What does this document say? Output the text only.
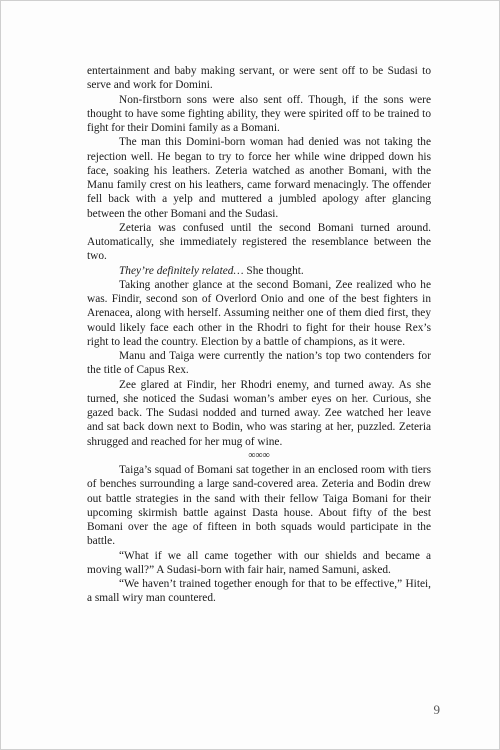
entertainment and baby making servant, or were sent off to be Sudasi to serve and work for Domini.

Non-firstborn sons were also sent off. Though, if the sons were thought to have some fighting ability, they were spirited off to be trained to fight for their Domini family as a Bomani.

The man this Domini-born woman had denied was not taking the rejection well. He began to try to force her while wine dripped down his face, soaking his leathers. Zeteria watched as another Bomani, with the Manu family crest on his leathers, came forward menacingly. The offender fell back with a yelp and muttered a jumbled apology after glancing between the other Bomani and the Sudasi.

Zeteria was confused until the second Bomani turned around. Automatically, she immediately registered the resemblance between the two.

They’re definitely related… She thought.

Taking another glance at the second Bomani, Zee realized who he was. Findir, second son of Overlord Onio and one of the best fighters in Arenacea, along with herself. Assuming neither one of them died first, they would likely face each other in the Rhodri to fight for their house Rex’s right to lead the country. Election by a battle of champions, as it were.

Manu and Taiga were currently the nation’s top two contenders for the title of Capus Rex.

Zee glared at Findir, her Rhodri enemy, and turned away. As she turned, she noticed the Sudasi woman’s amber eyes on her. Curious, she gazed back. The Sudasi nodded and turned away. Zee watched her leave and sat back down next to Bodin, who was staring at her, puzzled. Zeteria shrugged and reached for her mug of wine.

∞∞∞

Taiga’s squad of Bomani sat together in an enclosed room with tiers of benches surrounding a large sand-covered area. Zeteria and Bodin drew out battle strategies in the sand with their fellow Taiga Bomani for their upcoming skirmish battle against Dasta house. About fifty of the best Bomani over the age of fifteen in both squads would participate in the battle.

“What if we all came together with our shields and became a moving wall?” A Sudasi-born with fair hair, named Samuni, asked.

“We haven’t trained together enough for that to be effective,” Hitei, a small wiry man countered.

9
